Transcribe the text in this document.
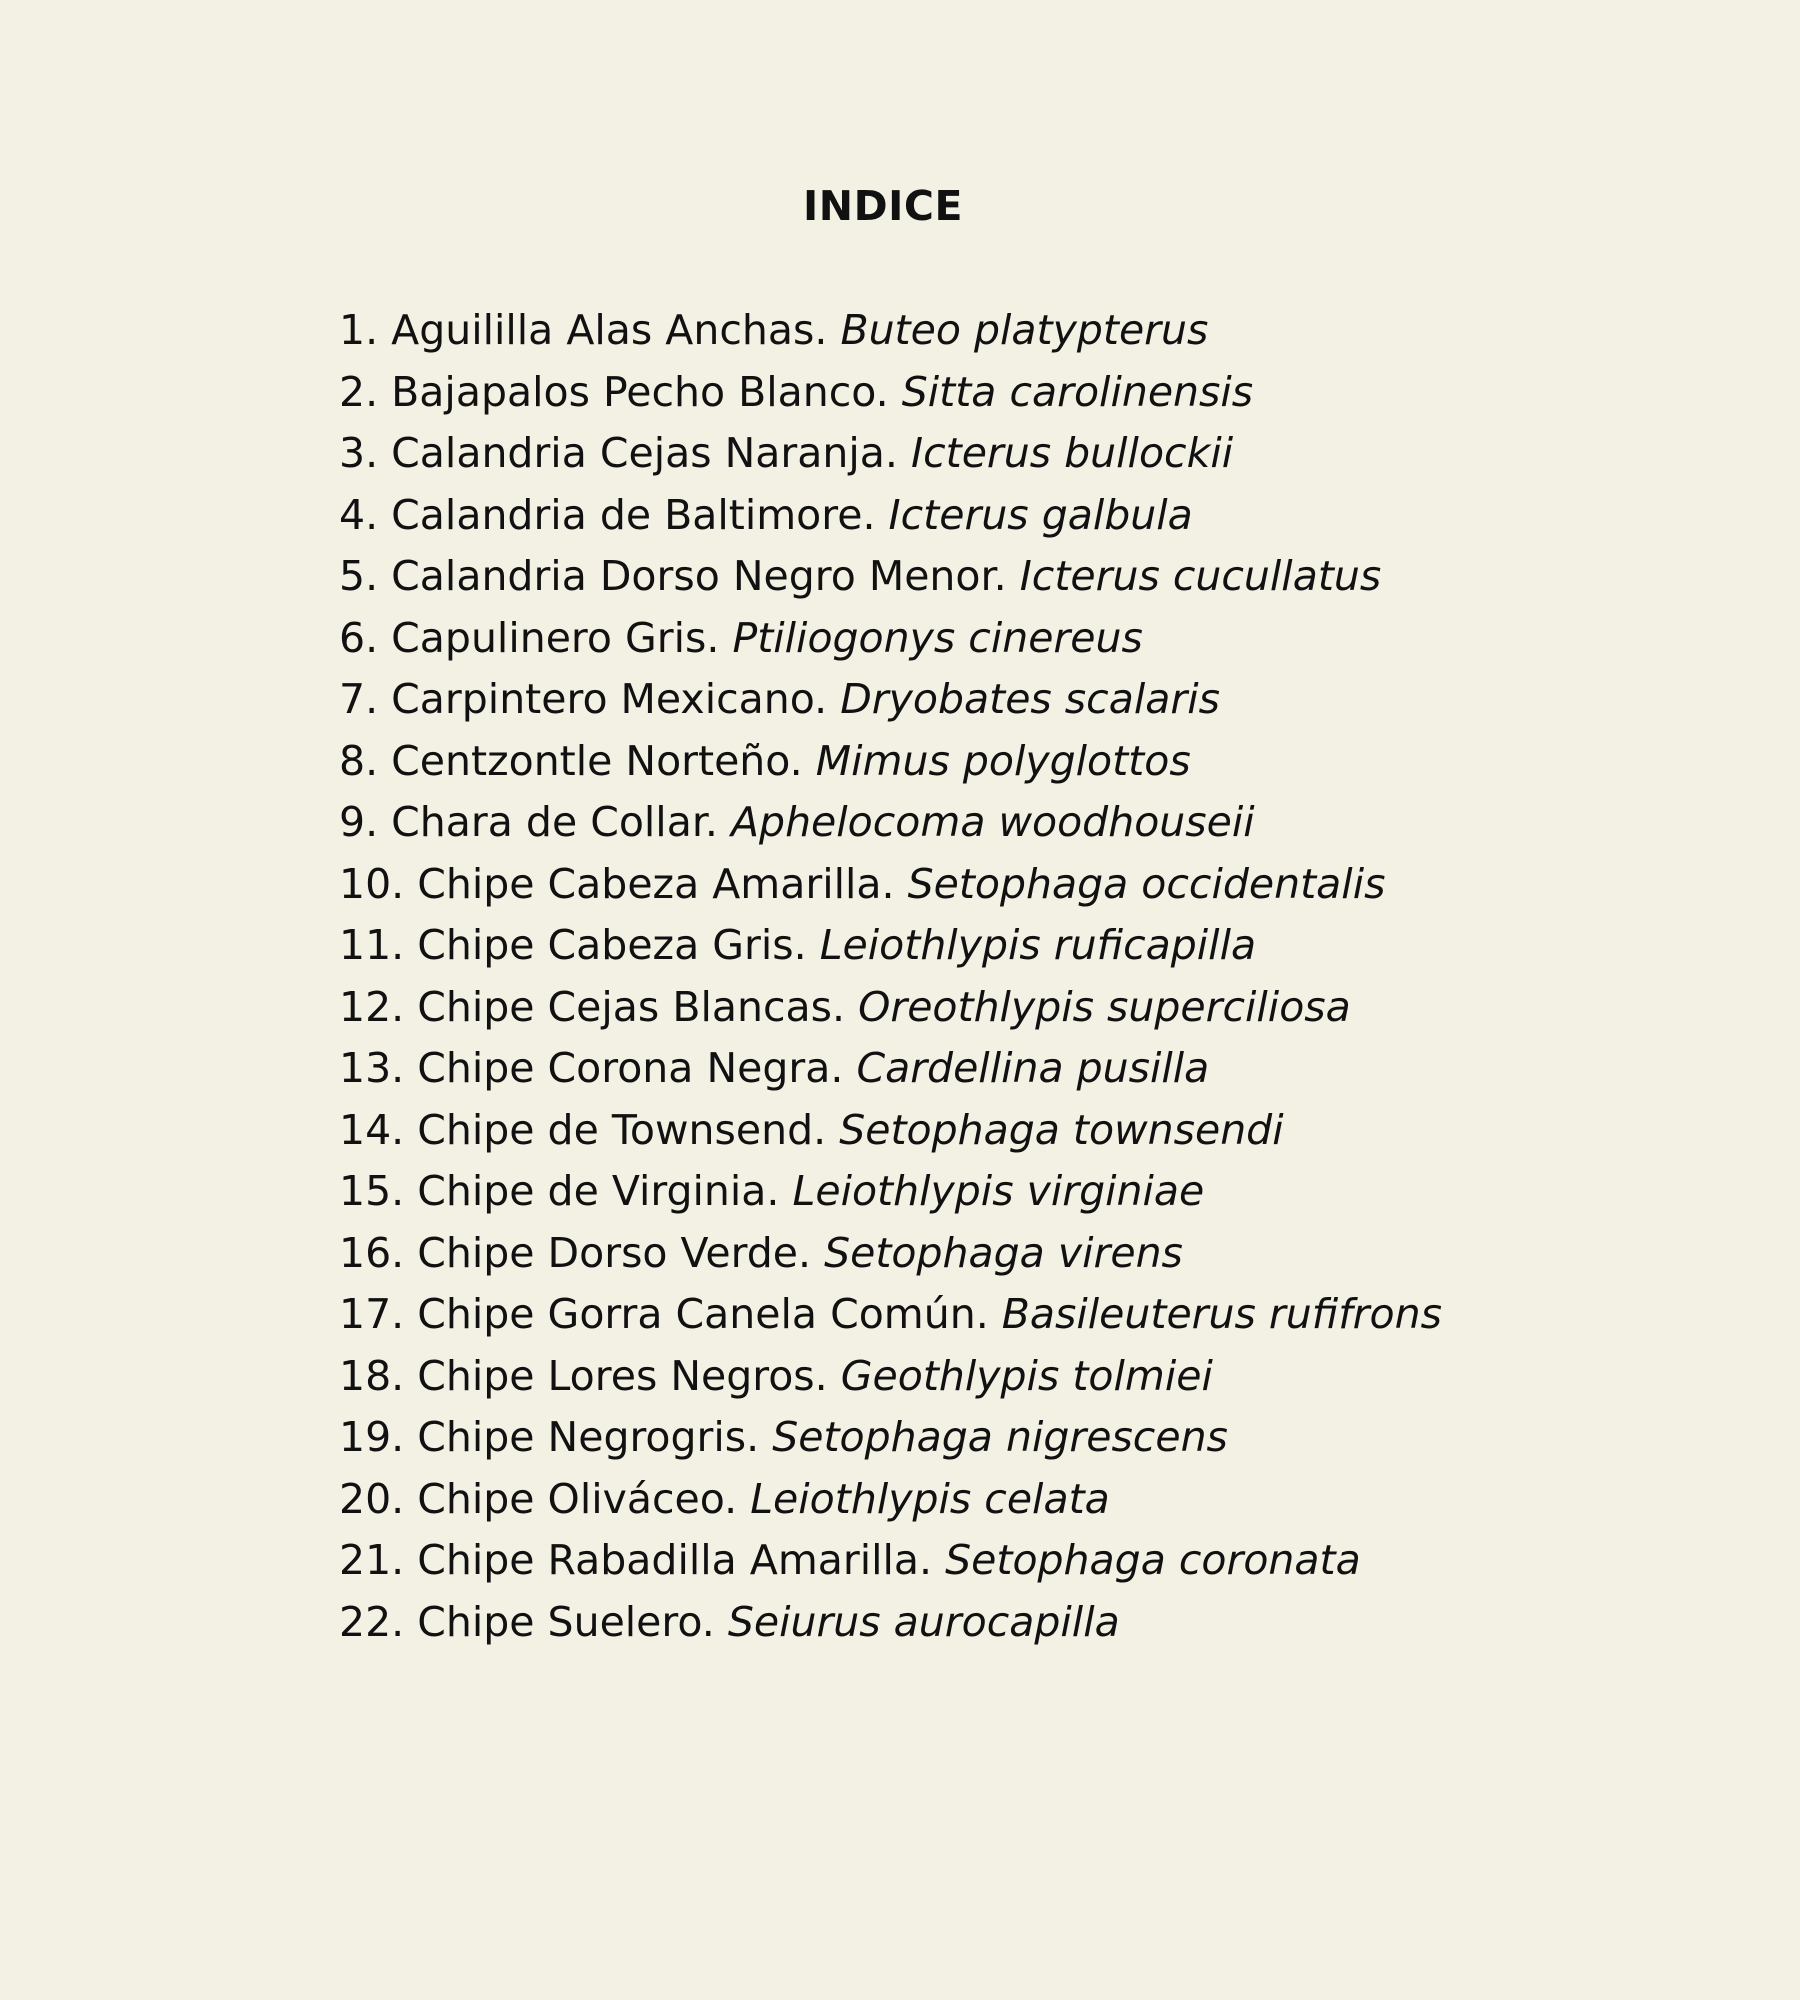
INDICE
1. Aguililla Alas Anchas. Buteo platypterus
2. Bajapalos Pecho Blanco. Sitta carolinensis
3. Calandria Cejas Naranja. Icterus bullockii
4. Calandria de Baltimore. Icterus galbula
5. Calandria Dorso Negro Menor. Icterus cucullatus
6. Capulinero Gris. Ptiliogonys cinereus
7. Carpintero Mexicano. Dryobates scalaris
8. Centzontle Norteño. Mimus polyglottos
9. Chara de Collar. Aphelocoma woodhouseii
10. Chipe Cabeza Amarilla. Setophaga occidentalis
11. Chipe Cabeza Gris. Leiothlypis ruficapilla
12. Chipe Cejas Blancas. Oreothlypis superciliosa
13. Chipe Corona Negra. Cardellina pusilla
14. Chipe de Townsend. Setophaga townsendi
15. Chipe de Virginia. Leiothlypis virginiae
16. Chipe Dorso Verde. Setophaga virens
17. Chipe Gorra Canela Común. Basileuterus rufifrons
18. Chipe Lores Negros. Geothlypis tolmiei
19. Chipe Negrogris. Setophaga nigrescens
20. Chipe Oliváceo. Leiothlypis celata
21. Chipe Rabadilla Amarilla. Setophaga coronata
22. Chipe Suelero. Seiurus aurocapilla
